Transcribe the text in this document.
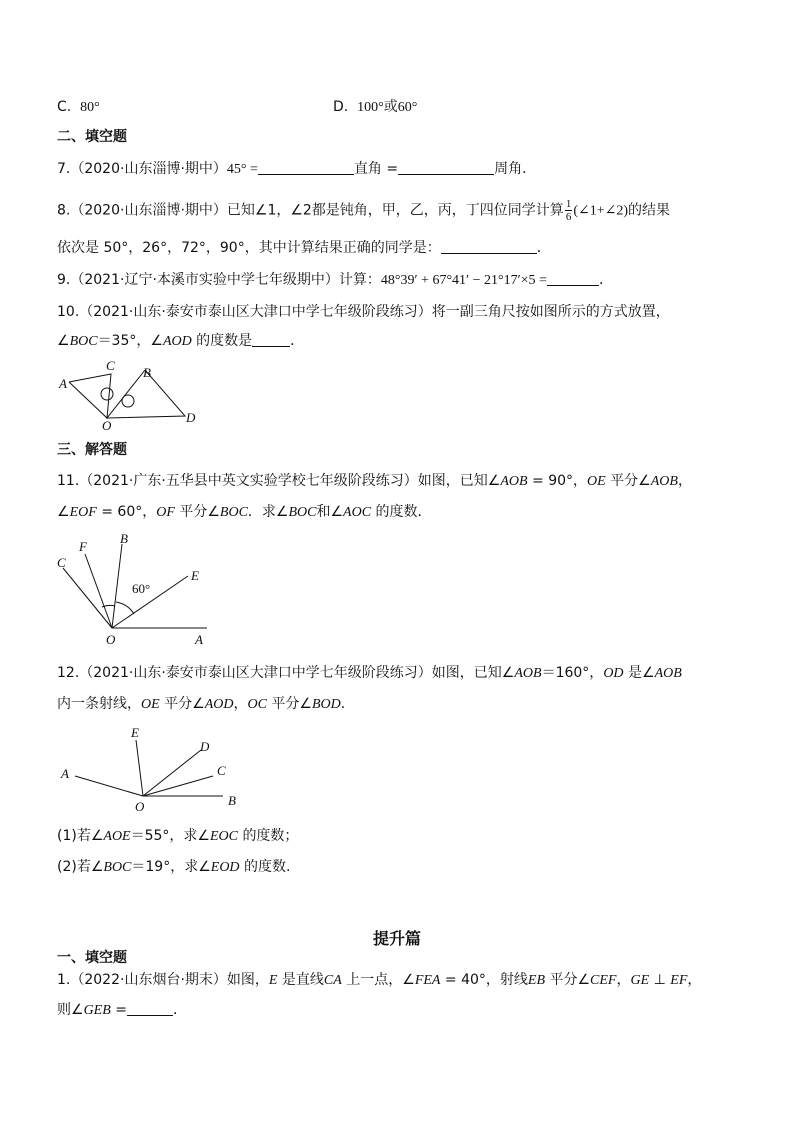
C. 80°	D. 100°或60°
二、填空题
7.（2020·山东淄博·期中）45° =	直角 =	周角．
8.（2020·山东淄博·期中）已知∠1，∠2都是钝角，甲，乙，丙，丁四位同学计算 $\frac{1}{6}$ (∠1+∠2)的结果
依次是 50°，26°，72°，90°，其中计算结果正确的同学是：	．
9.（2021·辽宁·本溪市实验中学七年级期中）计算：48°39′ + 67°41′ − 21°17′×5 =	．
10.（2021·山东·泰安市泰山区大津口中学七年级阶段练习）将一副三角尺按如图所示的方式放置，
∠BOC＝35°，∠AOD 的度数是	．
A
C B
D
O
三、解答题
11.（2021·广东·五华县中英文实验学校七年级阶段练习）如图，已知∠AOB = 90°，OE 平分∠AOB，
∠EOF = 60°，OF 平分∠BOC．求∠BOC和∠AOC 的度数．
A
B
E
F
C
O
60°
12.（2021·山东·泰安市泰山区大津口中学七年级阶段练习）如图，已知∠AOB＝160°，OD 是∠AOB
内一条射线，OE 平分∠AOD，OC 平分∠BOD.
A
B
C
D
E
O
(1)若∠AOE＝55°，求∠EOC 的度数；
(2)若∠BOC＝19°，求∠EOD 的度数.
提升篇
一、填空题
1.（2022·山东烟台·期末）如图，E 是直线CA 上一点，∠FEA = 40°，射线EB 平分∠CEF，GE ⊥ EF，
则∠GEB =	．
